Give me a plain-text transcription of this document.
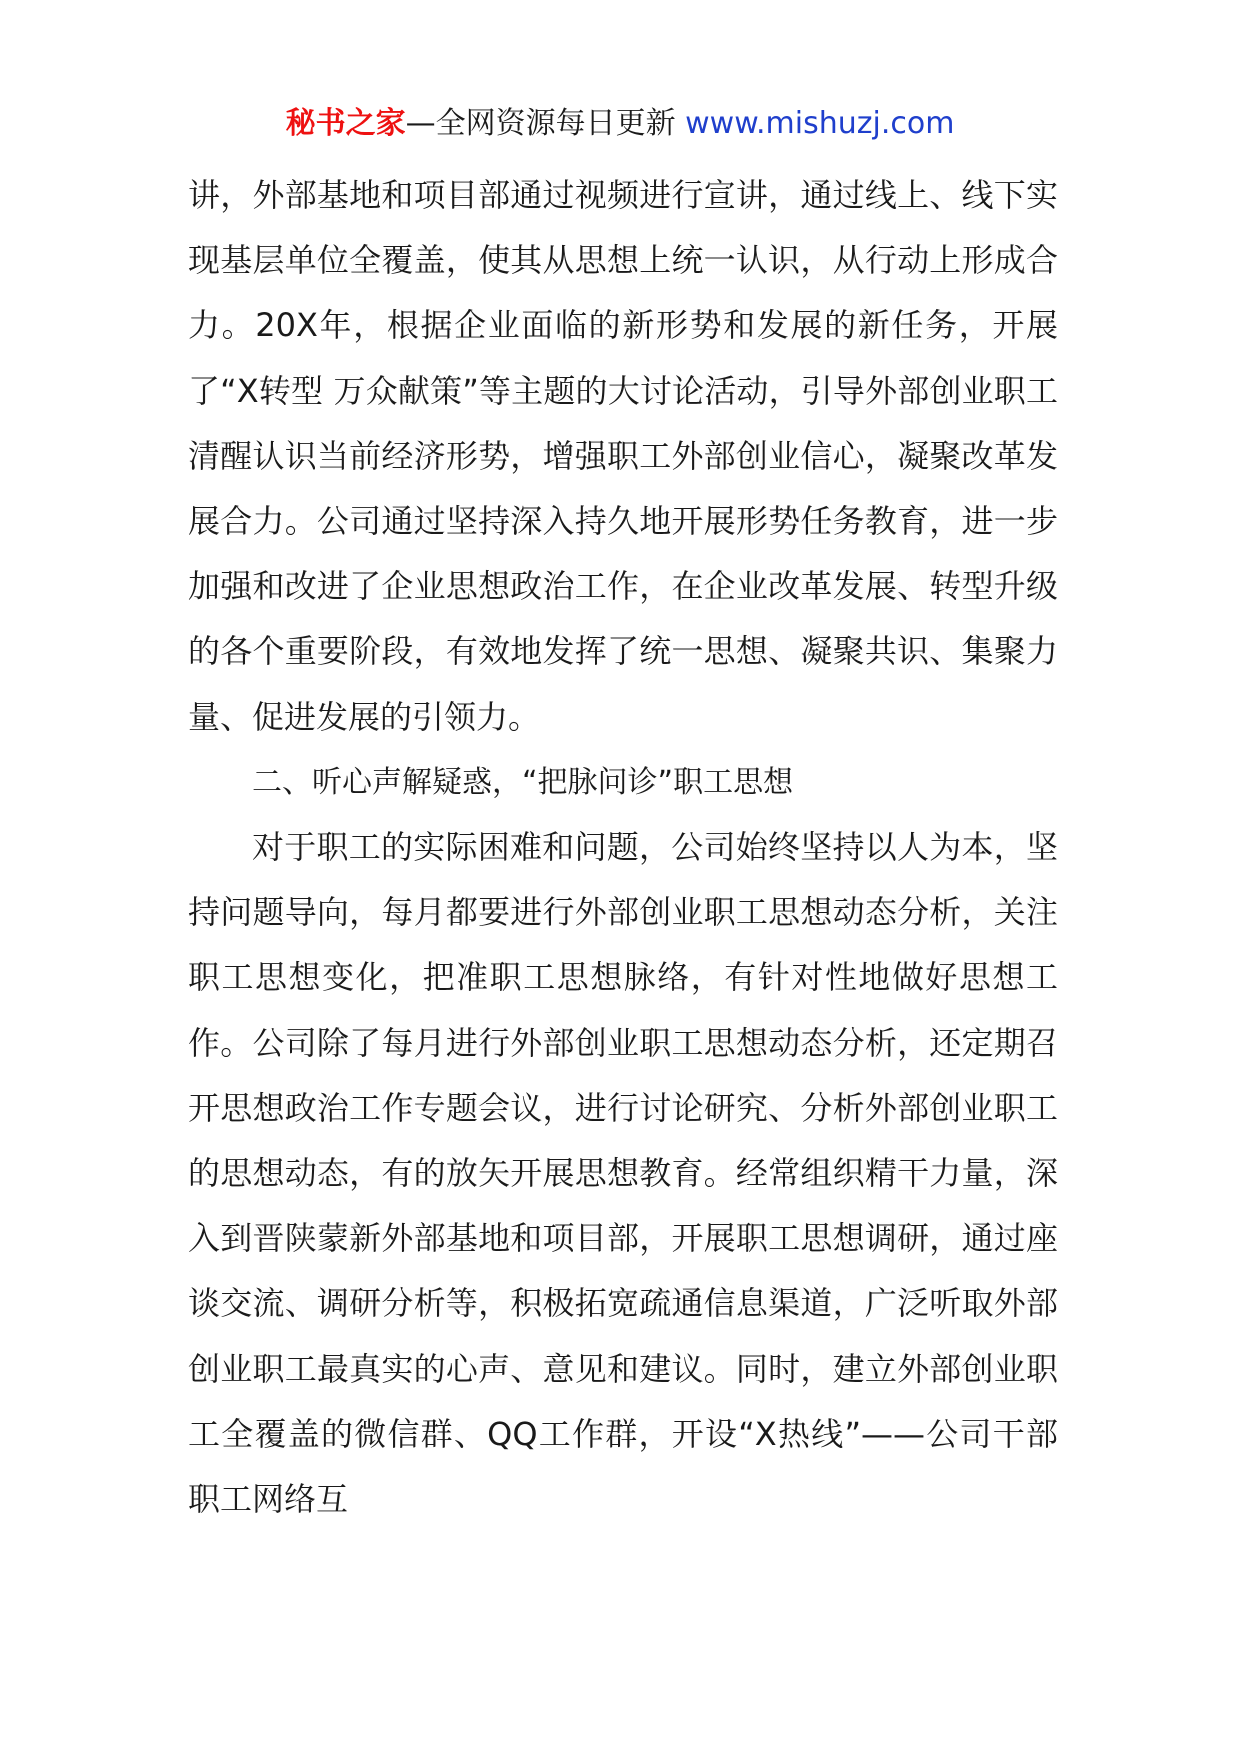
秘书之家—全网资源每日更新 www.mishuzj.com

讲，外部基地和项目部通过视频进行宣讲，通过线上、线下实现基层单位全覆盖，使其从思想上统一认识，从行动上形成合力。20X年，根据企业面临的新形势和发展的新任务，开展了“X转型 万众献策”等主题的大讨论活动，引导外部创业职工清醒认识当前经济形势，增强职工外部创业信心，凝聚改革发展合力。公司通过坚持深入持久地开展形势任务教育，进一步加强和改进了企业思想政治工作，在企业改革发展、转型升级的各个重要阶段，有效地发挥了统一思想、凝聚共识、集聚力量、促进发展的引领力。

二、听心声解疑惑，“把脉问诊”职工思想

对于职工的实际困难和问题，公司始终坚持以人为本，坚持问题导向，每月都要进行外部创业职工思想动态分析，关注职工思想变化，把准职工思想脉络，有针对性地做好思想工作。公司除了每月进行外部创业职工思想动态分析，还定期召开思想政治工作专题会议，进行讨论研究、分析外部创业职工的思想动态，有的放矢开展思想教育。经常组织精干力量，深入到晋陕蒙新外部基地和项目部，开展职工思想调研，通过座谈交流、调研分析等，积极拓宽疏通信息渠道，广泛听取外部创业职工最真实的心声、意见和建议。同时，建立外部创业职工全覆盖的微信群、QQ工作群，开设“X热线”——公司干部职工网络互
